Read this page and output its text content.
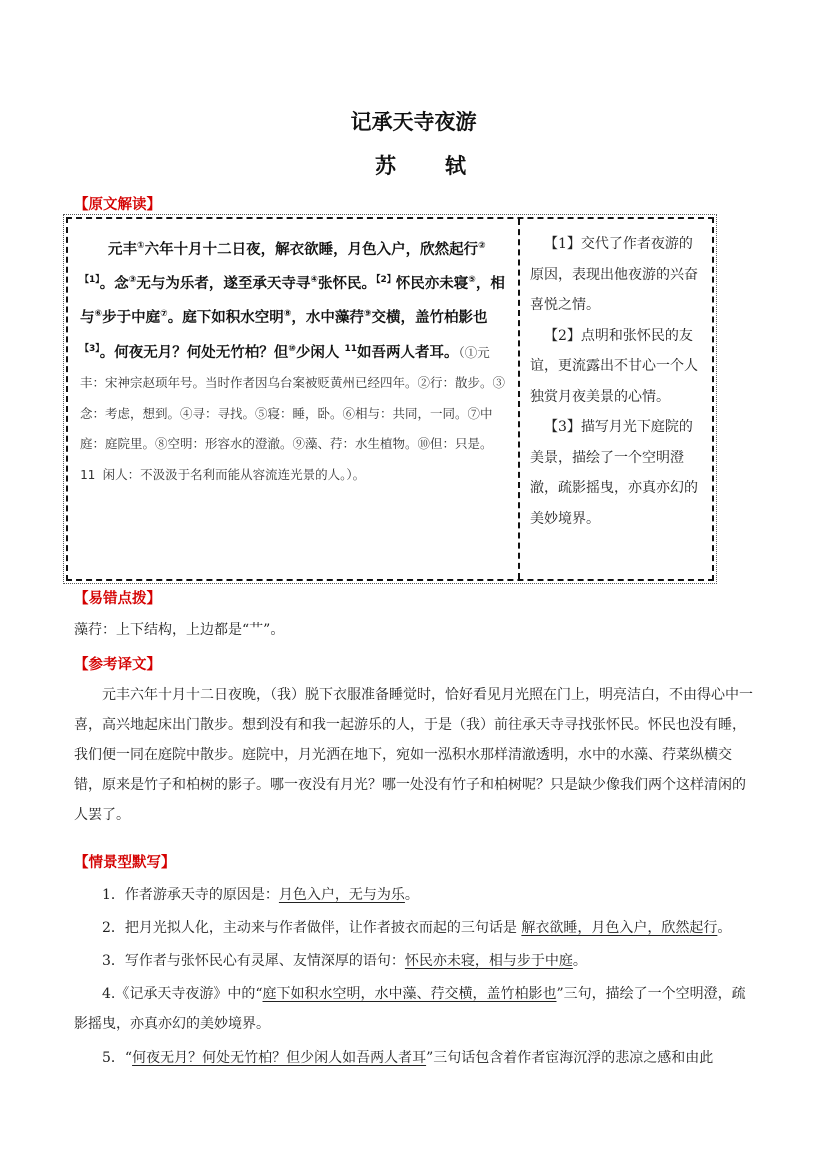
记承天寺夜游
苏　轼
【原文解读】

元丰①六年十月十二日夜，解衣欲睡，月色入户，欣然起行$^{②【1】}$。念③无与为乐者，遂至承天寺寻④张怀民。$^{【2】}$怀民亦未寝⑤，相与⑥步于中庭⑦。庭下如积水空明⑧，水中藻荇⑨交横，盖竹柏影也$^{【3】}$。何夜无月？何处无竹柏？但⑩少闲人 $^{11}$如吾两人者耳。（①元丰：宋神宗赵顼年号。当时作者因乌台案被贬黄州已经四年。②行：散步。③念：考虑，想到。④寻：寻找。⑤寝：睡，卧。⑥相与：共同，一同。⑦中庭：庭院里。⑧空明：形容水的澄澈。⑨藻、荇：水生植物。⑩但：只是。11 闲人：不汲汲于名利而能从容流连光景的人。）。

【1】交代了作者夜游的原因，表现出他夜游的兴奋喜悦之情。

【2】点明和张怀民的友谊，更流露出不甘心一个人独赏月夜美景的心情。

【3】描写月光下庭院的美景，描绘了一个空明澄澈，疏影摇曳，亦真亦幻的美妙境界。

【易错点拨】

藻荇：上下结构，上边都是“艹”。

【参考译文】

元丰六年十月十二日夜晚，（我）脱下衣服准备睡觉时，恰好看见月光照在门上，明亮洁白，不由得心中一喜，高兴地起床出门散步。想到没有和我一起游乐的人，于是（我）前往承天寺寻找张怀民。怀民也没有睡，我们便一同在庭院中散步。庭院中，月光洒在地下，宛如一泓积水那样清澈透明，水中的水藻、荇菜纵横交错，原来是竹子和柏树的影子。哪一夜没有月光？哪一处没有竹子和柏树呢？只是缺少像我们两个这样清闲的人罢了。

【情景型默写】

1．作者游承天寺的原因是：月色入户，无与为乐。

2．把月光拟人化，主动来与作者做伴，让作者披衣而起的三句话是 解衣欲睡，月色入户，欣然起行。

3．写作者与张怀民心有灵犀、友情深厚的语句：怀民亦未寝，相与步于中庭。

4.《记承天寺夜游》中的“庭下如积水空明，水中藻、荇交横，盖竹柏影也”三句，描绘了一个空明澄，疏影摇曳，亦真亦幻的美妙境界。

5．“何夜无月？何处无竹柏？但少闲人如吾两人者耳”三句话包含着作者宦海沉浮的悲凉之感和由此
